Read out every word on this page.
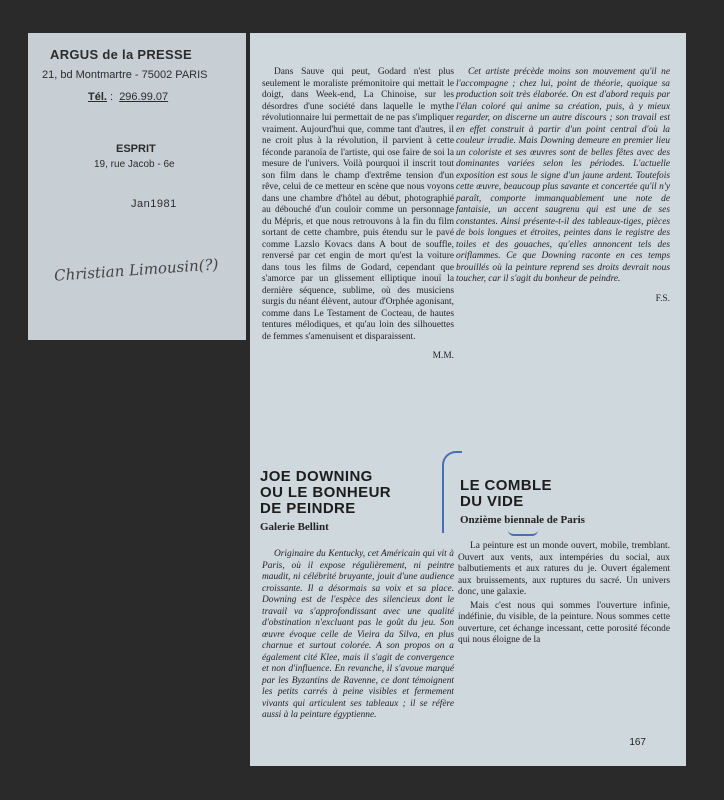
ARGUS de la PRESSE
21, bd Montmartre - 75002 PARIS
Tél. :  296.99.07
ESPRIT
19, rue Jacob - 6e
Jan1981
Christian Limousin(?)

Dans Sauve qui peut, Godard n'est plus seulement le moraliste prémonitoire qui mettait le doigt, dans Week-end, La Chinoise, sur les désordres d'une société dans laquelle le mythe révolutionnaire lui permettait de ne pas s'impliquer vraiment. Aujourd'hui que, comme tant d'autres, il ne croit plus à la révolution, il parvient à cette féconde paranoïa de l'artiste, qui ose faire de soi la mesure de l'univers. Voilà pourquoi il inscrit tout son film dans le champ d'extrême tension d'un rêve, celui de ce metteur en scène que nous voyons dans une chambre d'hôtel au début, photographié au débouché d'un couloir comme un personnage du Mépris, et que nous retrouvons à la fin du film sortant de cette chambre, puis étendu sur le pavé comme Lazslo Kovacs dans A bout de souffle, renversé par cet engin de mort qu'est la voiture dans tous les films de Godard, cependant que s'amorce par un glissement elliptique inouï la dernière séquence, sublime, où des musiciens surgis du néant élèvent, autour d'Orphée agonisant, comme dans Le Testament de Cocteau, de hautes tentures mélodiques, et qu'au loin des silhouettes de femmes s'amenuisent et disparaissent.

M.M.

Cet artiste précède moins son mouvement qu'il ne l'accompagne ; chez lui, point de théorie, quoique sa production soit très élaborée. On est d'abord requis par l'élan coloré qui anime sa création, puis, à y mieux regarder, on discerne un autre discours ; son travail est en effet construit à partir d'un point central d'où la couleur irradie. Mais Downing demeure en premier lieu un coloriste et ses œuvres sont de belles fêtes avec des dominantes variées selon les périodes. L'actuelle exposition est sous le signe d'un jaune ardent. Toutefois cette œuvre, beaucoup plus savante et concertée qu'il n'y paraît, comporte immanquablement une note de fantaisie, un accent saugrenu qui est une de ses constantes. Ainsi présente-t-il des tableaux-tiges, pièces de bois longues et étroites, peintes dans le registre des toiles et des gouaches, qu'elles annoncent tels des oriflammes. Ce que Downing raconte en ces temps brouillés où la peinture reprend ses droits devrait nous toucher, car il s'agit du bonheur de peindre.

F.S.
JOE DOWNING
OU LE BONHEUR
DE PEINDRE
Galerie Bellint

Originaire du Kentucky, cet Américain qui vit à Paris, où il expose régulièrement, ni peintre maudit, ni célébrité bruyante, jouit d'une audience croissante. Il a désormais sa voix et sa place. Downing est de l'espèce des silencieux dont le travail va s'approfondissant avec une qualité d'obstination n'excluant pas le goût du jeu. Son œuvre évoque celle de Vieira da Silva, en plus charnue et surtout colorée. A son propos on a également cité Klee, mais il s'agit de convergence et non d'influence. En revanche, il s'avoue marqué par les Byzantins de Ravenne, ce dont témoignent les petits carrés à peine visibles et fermement vivants qui articulent ses tableaux ; il se réfère aussi à la peinture égyptienne.

LE COMBLE
DU VIDE
Onzième biennale de Paris

La peinture est un monde ouvert, mobile, tremblant. Ouvert aux vents, aux intempéries du social, aux balbutiements et aux ratures du je. Ouvert également aux bruissements, aux ruptures du sacré. Un univers donc, une galaxie.

Mais c'est nous qui sommes l'ouverture infinie, indéfinie, du visible, de la peinture. Nous sommes cette ouverture, cet échange incessant, cette porosité féconde qui nous éloigne de la

167
